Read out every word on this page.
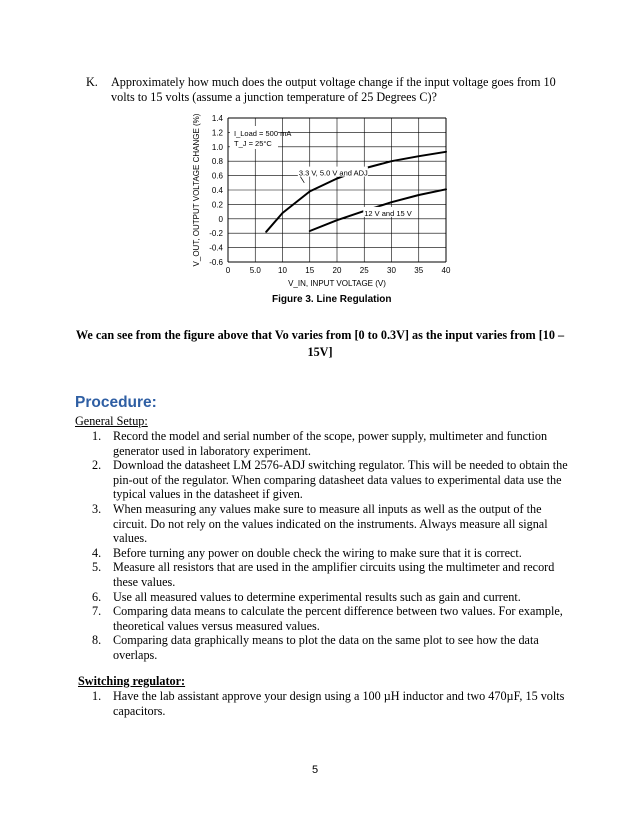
K. Approximately how much does the output voltage change if the input voltage goes from 10 volts to 15 volts (assume a junction temperature of 25 Degrees C)?
1.4
1.2
1.0
0.8
0.6
0.4
0.2
0
-0.2
-0.4
-0.6
0 5.0 10 15 20 25 30 35 40
I_Load = 500 mA
T_J = 25°C
3.3 V, 5.0 V and ADJ
12 V and 15 V
V_IN, INPUT VOLTAGE (V)
V_OUT, OUTPUT VOLTAGE CHANGE (%)
Figure 3. Line Regulation
We can see from the figure above that Vo varies from [0 to 0.3V] as the input varies from [10 – 15V]
Procedure:
General Setup:
1. Record the model and serial number of the scope, power supply, multimeter and function generator used in laboratory experiment.
2. Download the datasheet LM 2576-ADJ switching regulator. This will be needed to obtain the pin-out of the regulator. When comparing datasheet data values to experimental data use the typical values in the datasheet if given.
3. When measuring any values make sure to measure all inputs as well as the output of the circuit. Do not rely on the values indicated on the instruments. Always measure all signal values.
4. Before turning any power on double check the wiring to make sure that it is correct.
5. Measure all resistors that are used in the amplifier circuits using the multimeter and record these values.
6. Use all measured values to determine experimental results such as gain and current.
7. Comparing data means to calculate the percent difference between two values. For example, theoretical values versus measured values.
8. Comparing data graphically means to plot the data on the same plot to see how the data overlaps.
Switching regulator:
1. Have the lab assistant approve your design using a 100 µH inductor and two 470µF, 15 volts capacitors.
5
